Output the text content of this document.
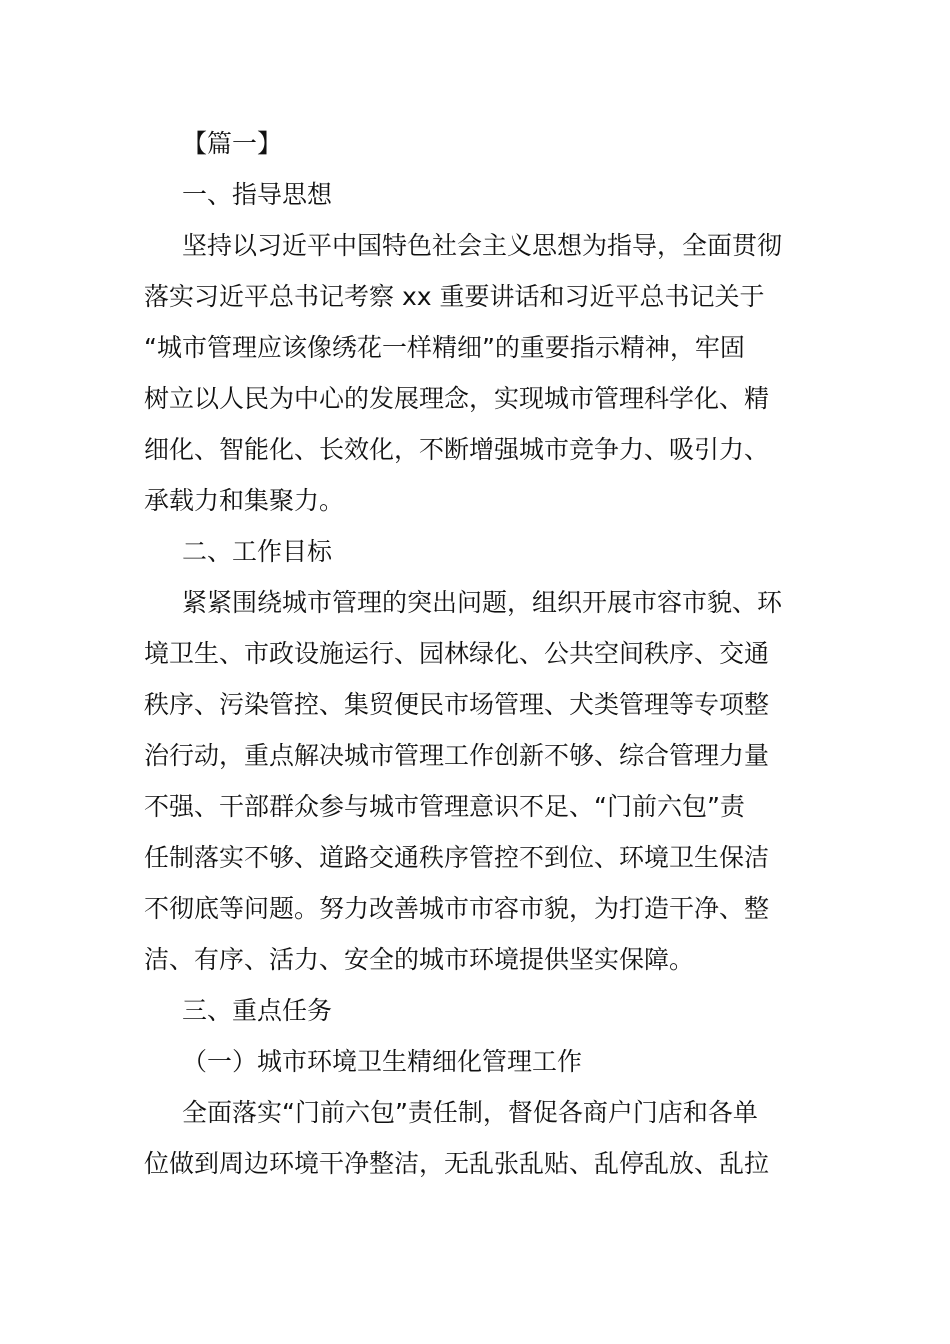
【篇一】
一、指导思想
坚持以习近平中国特色社会主义思想为指导，全面贯彻
落实习近平总书记考察 xx 重要讲话和习近平总书记关于
“城市管理应该像绣花一样精细”的重要指示精神，牢固
树立以人民为中心的发展理念，实现城市管理科学化、精
细化、智能化、长效化，不断增强城市竞争力、吸引力、
承载力和集聚力。
二、工作目标
紧紧围绕城市管理的突出问题，组织开展市容市貌、环
境卫生、市政设施运行、园林绿化、公共空间秩序、交通
秩序、污染管控、集贸便民市场管理、犬类管理等专项整
治行动，重点解决城市管理工作创新不够、综合管理力量
不强、干部群众参与城市管理意识不足、“门前六包”责
任制落实不够、道路交通秩序管控不到位、环境卫生保洁
不彻底等问题。努力改善城市市容市貌，为打造干净、整
洁、有序、活力、安全的城市环境提供坚实保障。
三、重点任务
（一）城市环境卫生精细化管理工作
全面落实“门前六包”责任制，督促各商户门店和各单
位做到周边环境干净整洁，无乱张乱贴、乱停乱放、乱拉
